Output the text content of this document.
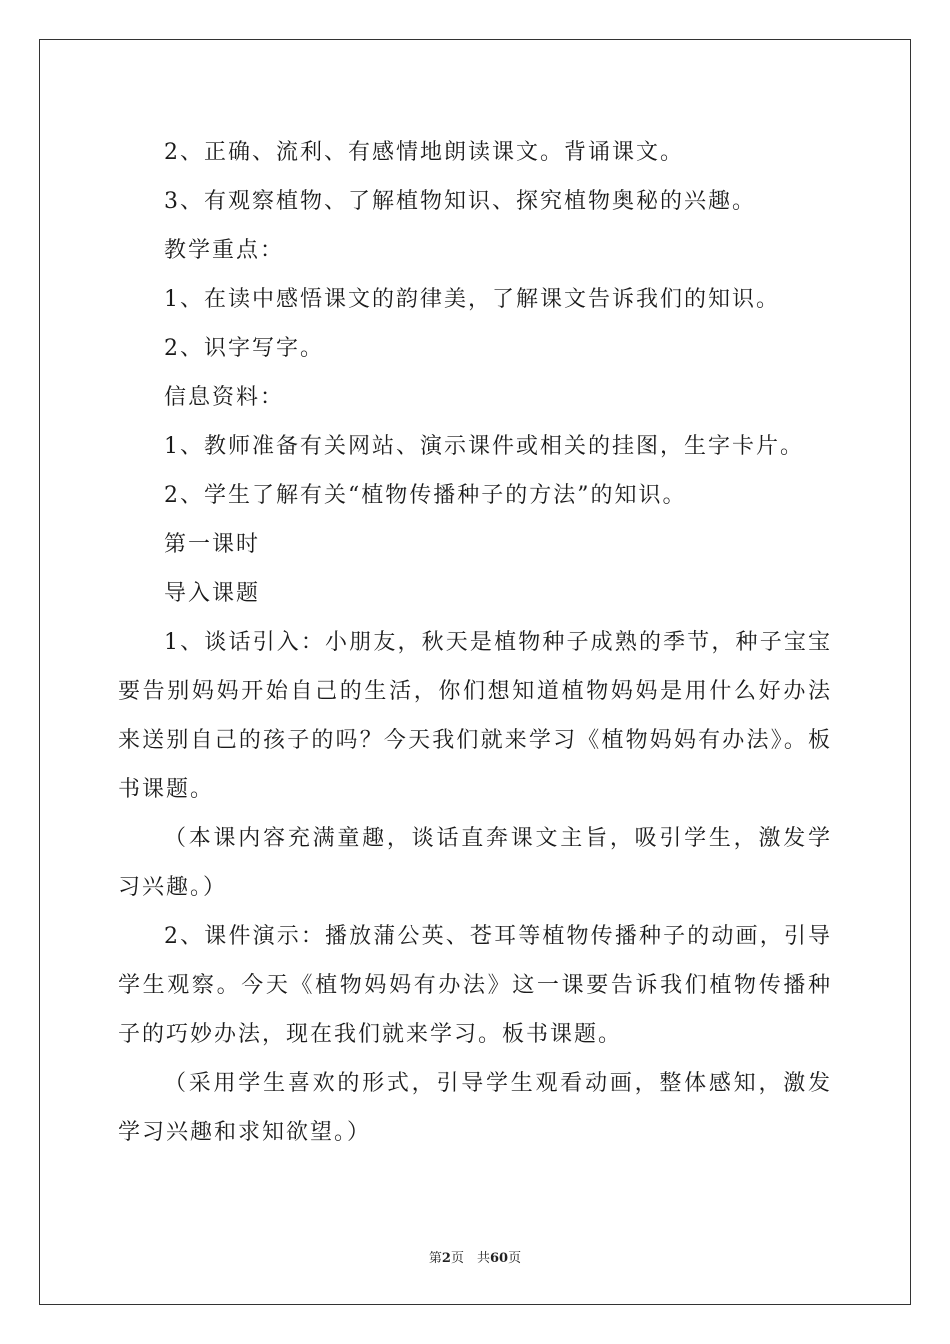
2、正确、流利、有感情地朗读课文。背诵课文。
3、有观察植物、了解植物知识、探究植物奥秘的兴趣。
教学重点：
1、在读中感悟课文的韵律美，了解课文告诉我们的知识。
2、识字写字。
信息资料：
1、教师准备有关网站、演示课件或相关的挂图，生字卡片。
2、学生了解有关“植物传播种子的方法”的知识。
第一课时
导入课题

1、谈话引入：小朋友，秋天是植物种子成熟的季节，种子宝宝要告别妈妈开始自己的生活，你们想知道植物妈妈是用什么好办法来送别自己的孩子的吗？今天我们就来学习《植物妈妈有办法》。板书课题。

（本课内容充满童趣，谈话直奔课文主旨，吸引学生，激发学习兴趣。）

2、课件演示：播放蒲公英、苍耳等植物传播种子的动画，引导学生观察。今天《植物妈妈有办法》这一课要告诉我们植物传播种子的巧妙办法，现在我们就来学习。板书课题。

（采用学生喜欢的形式，引导学生观看动画，整体感知，激发学习兴趣和求知欲望。）

第2页　共60页
